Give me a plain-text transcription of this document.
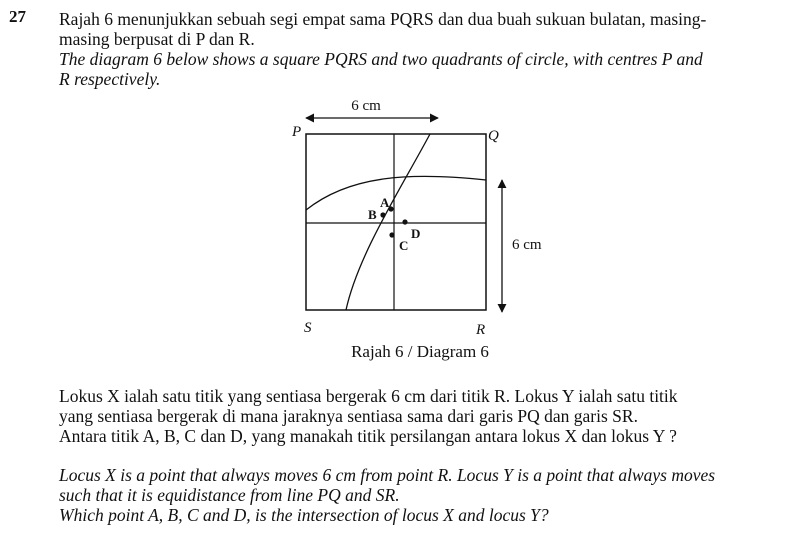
27 Rajah 6 menunjukkan sebuah segi empat sama PQRS dan dua buah sukuan bulatan, masing-

masing berpusat di P dan R.

The diagram 6 below shows a square PQRS and two quadrants of circle, with centres P and

R respectively.

6 cm
P	Q
S	R
A
B
C
D
6 cm
Rajah 6 / Diagram 6

Lokus X ialah satu titik yang sentiasa bergerak 6 cm dari titik R. Lokus Y ialah satu titik

yang sentiasa bergerak di mana jaraknya sentiasa sama dari garis PQ dan garis SR.

Antara titik A, B, C dan D, yang manakah titik persilangan antara lokus X dan lokus Y ?

Locus X is a point that always moves 6 cm from point R. Locus Y is a point that always moves

such that it is equidistance from line PQ and SR.

Which point A, B, C and D, is the intersection of locus X and locus Y?
